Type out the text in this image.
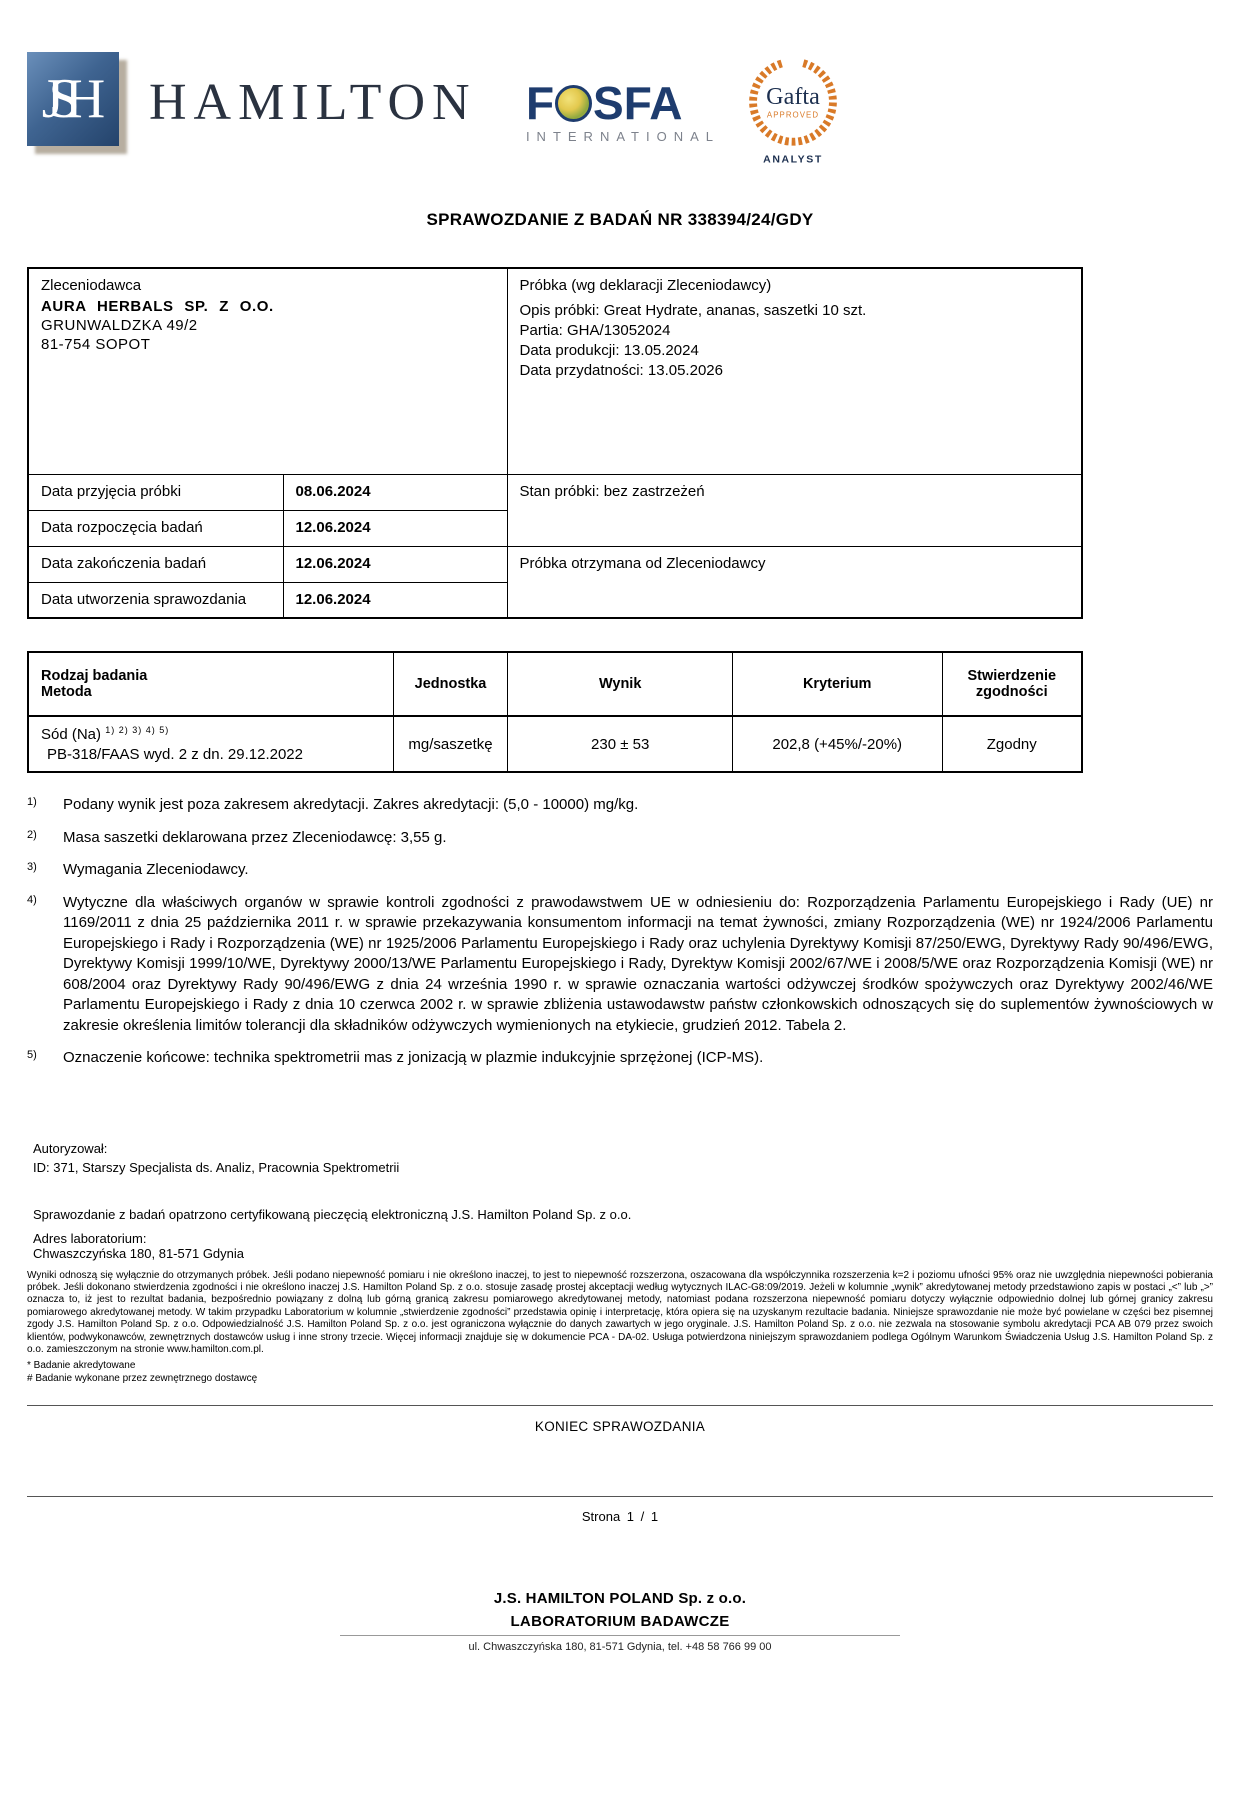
JSH HAMILTON F SFA
INTERNATIONAL
Gafta
APPROVED
ANALYST
SPRAWOZDANIE Z BADAŃ NR 338394/24/GDY
Zleceniodawca
AURA HERBALS SP. Z O.O.
GRUNWALDZKA 49/2
81-754 SOPOT

Próbka (wg deklaracji Zleceniodawcy)
Opis próbki: Great Hydrate, ananas, saszetki 10 szt.
Partia: GHA/13052024
Data produkcji: 13.05.2024
Data przydatności: 13.05.2026

Data przyjęcia próbki	08.06.2024	Stan próbki: bez zastrzeżeń
Data rozpoczęcia badań	12.06.2024	
Data zakończenia badań	12.06.2024	Próbka otrzymana od Zleceniodawcy
Data utworzenia sprawozdania	12.06.2024	
Rodzaj badania
Metoda	Jednostka	Wynik	Kryterium	Stwierdzenie zgodności

Sód (Na) $^{1) 2) 3) 4) 5)}$
PB-318/FAAS wyd. 2 z dn. 29.12.2022	mg/saszetkę	230 ± 53	202,8 (+45%/-20%)	Zgodny
1)	Podany wynik jest poza zakresem akredytacji. Zakres akredytacji: (5,0 - 10000) mg/kg.
2)	Masa saszetki deklarowana przez Zleceniodawcę: 3,55 g.
3)	Wymagania Zleceniodawcy.
4)	Wytyczne dla właściwych organów w sprawie kontroli zgodności z prawodawstwem UE w odniesieniu do: Rozporządzenia Parlamentu Europejskiego i Rady (UE) nr 1169/2011 z dnia 25 października 2011 r. w sprawie przekazywania konsumentom informacji na temat żywności, zmiany Rozporządzenia (WE) nr 1924/2006 Parlamentu Europejskiego i Rady i Rozporządzenia (WE) nr 1925/2006 Parlamentu Europejskiego i Rady oraz uchylenia Dyrektywy Komisji 87/250/EWG, Dyrektywy Rady 90/496/EWG, Dyrektywy Komisji 1999/10/WE, Dyrektywy 2000/13/WE Parlamentu Europejskiego i Rady, Dyrektyw Komisji 2002/67/WE i 2008/5/WE oraz Rozporządzenia Komisji (WE) nr 608/2004 oraz Dyrektywy Rady 90/496/EWG z dnia 24 września 1990 r. w sprawie oznaczania wartości odżywczej środków spożywczych oraz Dyrektywy 2002/46/WE Parlamentu Europejskiego i Rady z dnia 10 czerwca 2002 r. w sprawie zbliżenia ustawodawstw państw członkowskich odnoszących się do suplementów żywnościowych w zakresie określenia limitów tolerancji dla składników odżywczych wymienionych na etykiecie, grudzień 2012. Tabela 2.
5)	Oznaczenie końcowe: technika spektrometrii mas z jonizacją w plazmie indukcyjnie sprzężonej (ICP-MS).
Autoryzował:
ID: 371, Starszy Specjalista ds. Analiz, Pracownia Spektrometrii
Sprawozdanie z badań opatrzono certyfikowaną pieczęcią elektroniczną J.S. Hamilton Poland Sp. z o.o.
Adres laboratorium:
Chwaszczyńska 180, 81-571 Gdynia

Wyniki odnoszą się wyłącznie do otrzymanych próbek. Jeśli podano niepewność pomiaru i nie określono inaczej, to jest to niepewność rozszerzona, oszacowana dla współczynnika rozszerzenia k=2 i poziomu ufności 95% oraz nie uwzględnia niepewności pobierania próbek. Jeśli dokonano stwierdzenia zgodności i nie określono inaczej J.S. Hamilton Poland Sp. z o.o. stosuje zasadę prostej akceptacji według wytycznych ILAC-G8:09/2019. Jeżeli w kolumnie „wynik” akredytowanej metody przedstawiono zapis w postaci „<” lub „>” oznacza to, iż jest to rezultat badania, bezpośrednio powiązany z dolną lub górną granicą zakresu pomiarowego akredytowanej metody, natomiast podana rozszerzona niepewność pomiaru dotyczy wyłącznie odpowiednio dolnej lub górnej granicy zakresu pomiarowego akredytowanej metody. W takim przypadku Laboratorium w kolumnie „stwierdzenie zgodności” przedstawia opinię i interpretację, która opiera się na uzyskanym rezultacie badania. Niniejsze sprawozdanie nie może być powielane w części bez pisemnej zgody J.S. Hamilton Poland Sp. z o.o. Odpowiedzialność J.S. Hamilton Poland Sp. z o.o. jest ograniczona wyłącznie do danych zawartych w jego oryginale. J.S. Hamilton Poland Sp. z o.o. nie zezwala na stosowanie symbolu akredytacji PCA AB 079 przez swoich klientów, podwykonawców, zewnętrznych dostawców usług i inne strony trzecie. Więcej informacji znajduje się w dokumencie PCA - DA-02. Usługa potwierdzona niniejszym sprawozdaniem podlega Ogólnym Warunkom Świadczenia Usług J.S. Hamilton Poland Sp. z o.o. zamieszczonym na stronie www.hamilton.com.pl.

* Badanie akredytowane
# Badanie wykonane przez zewnętrznego dostawcę
KONIEC SPRAWOZDANIA
Strona 1 / 1
J.S. HAMILTON POLAND Sp. z o.o.
LABORATORIUM BADAWCZE
ul. Chwaszczyńska 180, 81-571 Gdynia, tel. +48 58 766 99 00
